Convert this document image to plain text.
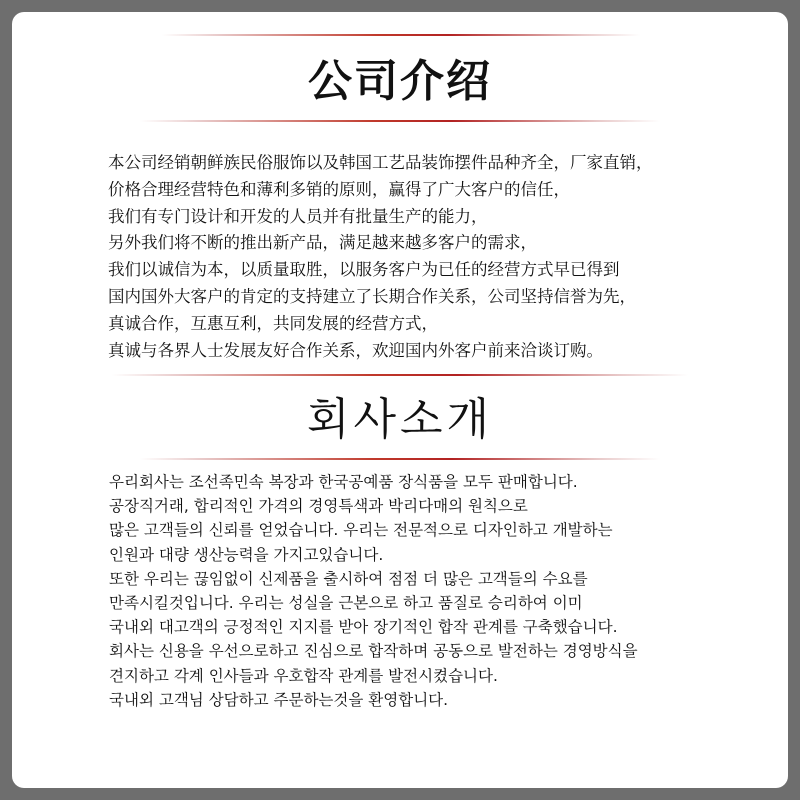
公司介绍
本公司经销朝鲜族民俗服饰以及韩国工艺品装饰摆件品种齐全，厂家直销，
价格合理经营特色和薄利多销的原则，赢得了广大客户的信任，
我们有专门设计和开发的人员并有批量生产的能力，
另外我们将不断的推出新产品，满足越来越多客户的需求，
我们以诚信为本，以质量取胜，以服务客户为已任的经营方式早已得到
国内国外大客户的肯定的支持建立了长期合作关系，公司坚持信誉为先，
真诚合作，互惠互利，共同发展的经营方式，
真诚与各界人士发展友好合作关系，欢迎国内外客户前来洽谈订购。
회사소개
우리회사는 조선족민속 복장과 한국공예품 장식품을 모두 판매합니다.
공장직거래, 합리적인 가격의 경영특색과 박리다매의 원칙으로
많은 고객들의 신뢰를 얻었습니다. 우리는 전문적으로 디자인하고 개발하는
인원과 대량 생산능력을 가지고있습니다.
또한 우리는 끊임없이 신제품을 출시하여 점점 더 많은 고객들의 수요를
만족시킬것입니다. 우리는 성실을 근본으로 하고 품질로 승리하여 이미
국내외 대고객의 긍정적인 지지를 받아 장기적인 합작 관계를 구축했습니다.
회사는 신용을 우선으로하고 진심으로 합작하며 공동으로 발전하는 경영방식을
견지하고 각계 인사들과 우호합작 관계를 발전시켰습니다.
국내외 고객님 상담하고 주문하는것을 환영합니다.
